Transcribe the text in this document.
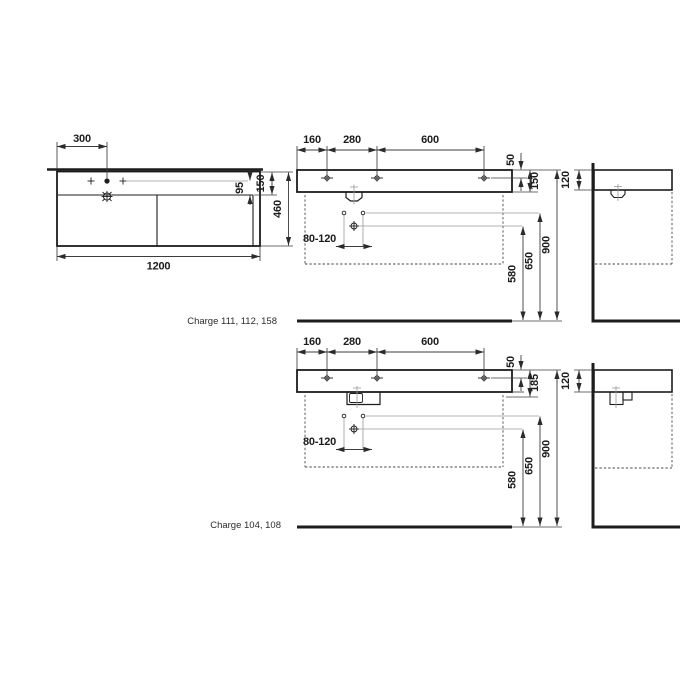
300
1200
95 150
460
160 280	600
50
150
80-120
580
650
900
120
Charge 111, 112, 158
160 280	600
50
185
80-120
580
650
900
120
Charge 104, 108
